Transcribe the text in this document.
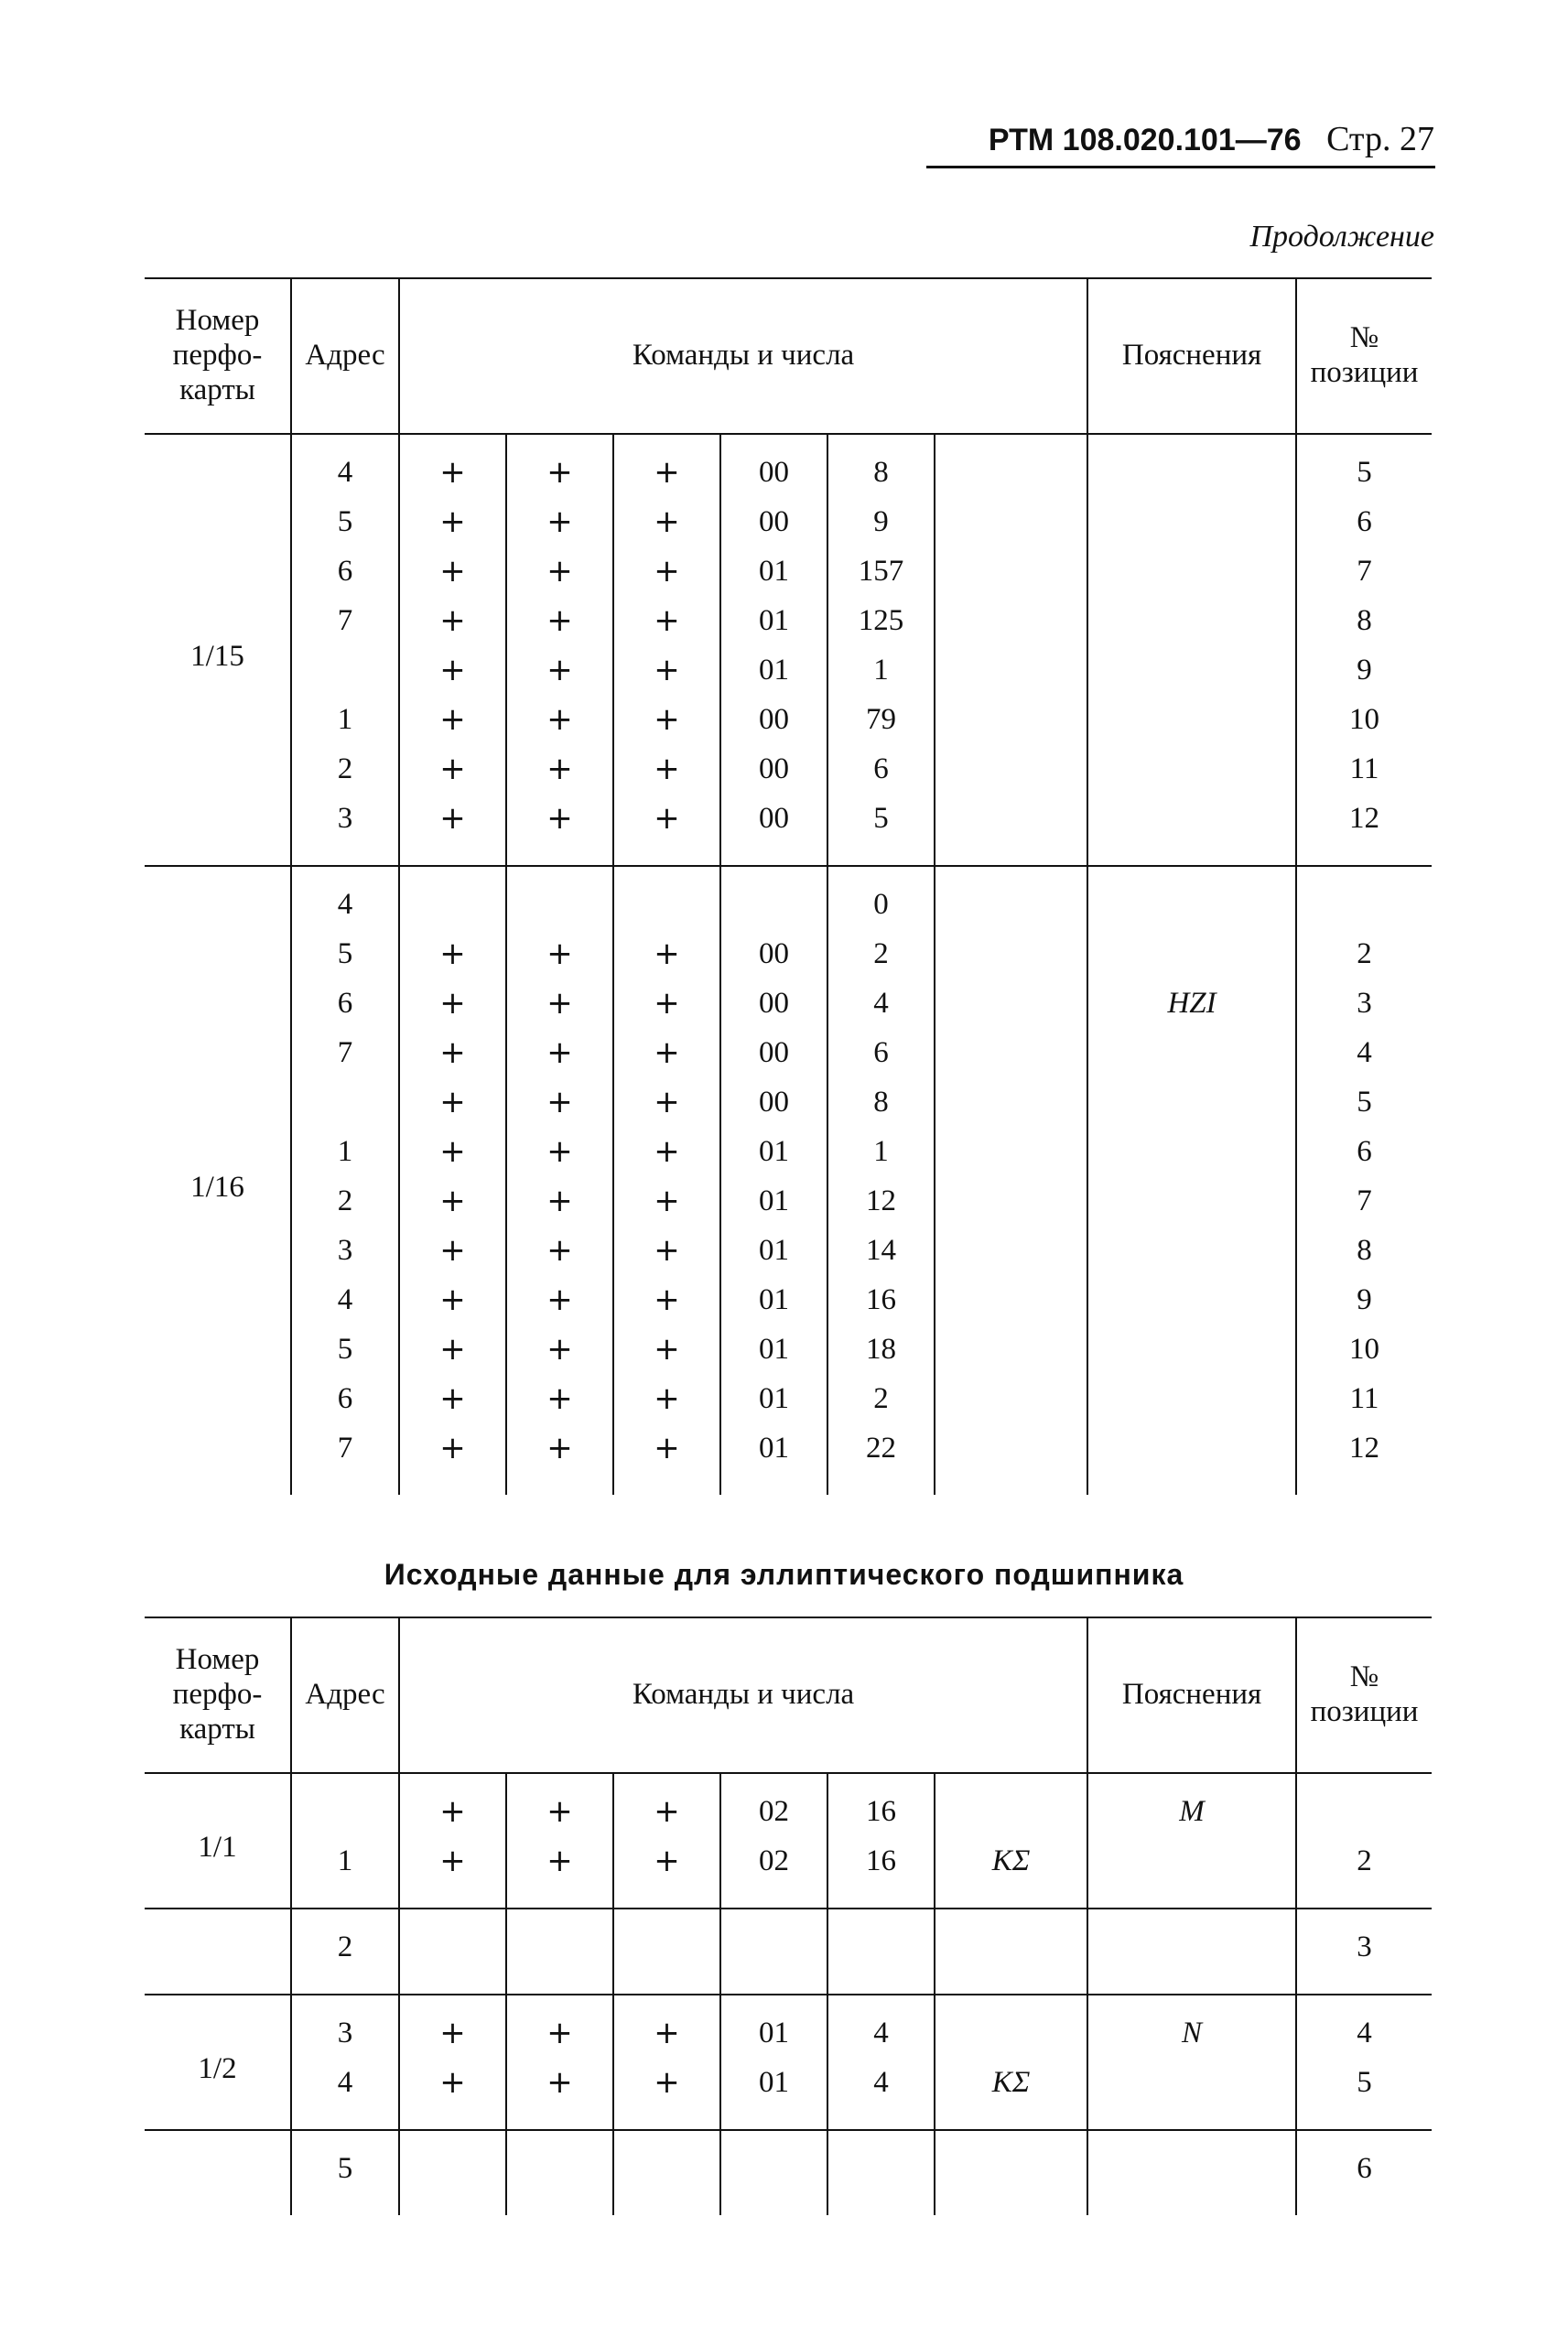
РТМ 108.020.101—76 Стр. 27
Продолжение
Номер перфо- карты	Адрес	Команды и числа						Пояснения	№ позиции
1/15	4	+	+	+	00	8			5
	5	+	+	+	00	9			6
	6	+	+	+	01	157			7
	7	+	+	+	01	125			8
		+	+	+	01	1			9
	1	+	+	+	00	79			10
	2	+	+	+	00	6			11
	3	+	+	+	00	5			12
1/16	4					0			
	5	+	+	+	00	2			2
	6	+	+	+	00	4		HZI	3
	7	+	+	+	00	6			4
		+	+	+	00	8			5
	1	+	+	+	01	1			6
	2	+	+	+	01	12			7
	3	+	+	+	01	14			8
	4	+	+	+	01	16			9
	5	+	+	+	01	18			10
	6	+	+	+	01	2			11
	7	+	+	+	01	22			12
Исходные данные для эллиптического подшипника
Номер перфо- карты	Адрес	Команды и числа						Пояснения	№ позиции
1/1		+	+	+	02	16		M	
	1	+	+	+	02	16	KΣ		2
	2								3
1/2	3	+	+	+	01	4		N	4
	4	+	+	+	01	4	KΣ		5
	5								6
